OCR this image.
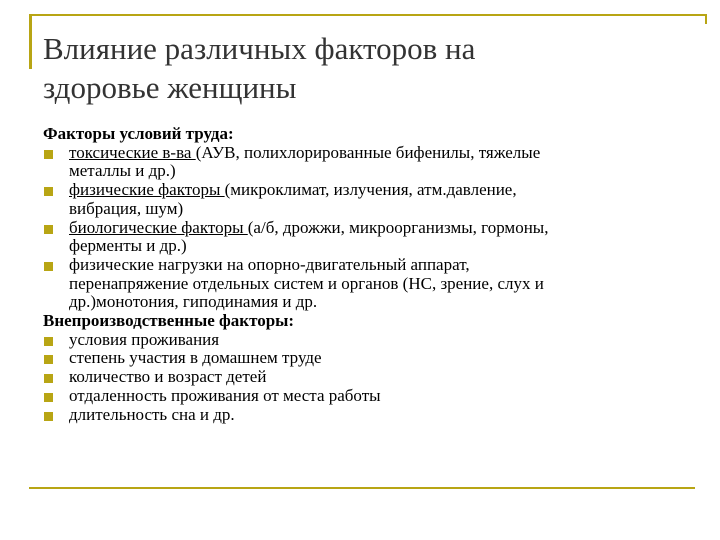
Влияние различных факторов на
здоровье женщины
Факторы условий труда:
токсические в-ва (АУВ, полихлорированные бифенилы, тяжелые
металлы и др.)
физические факторы (микроклимат, излучения, атм.давление,
вибрация, шум)
биологические факторы (а/б, дрожжи, микроорганизмы, гормоны,
ферменты и др.)
физические нагрузки на опорно-двигательный аппарат,
перенапряжение отдельных систем и органов (НС, зрение, слух и
др.)монотония, гиподинамия и др.
Внепроизводственные факторы:
условия проживания
степень участия в домашнем труде
количество и возраст детей
отдаленность проживания от места работы
длительность сна и др.
